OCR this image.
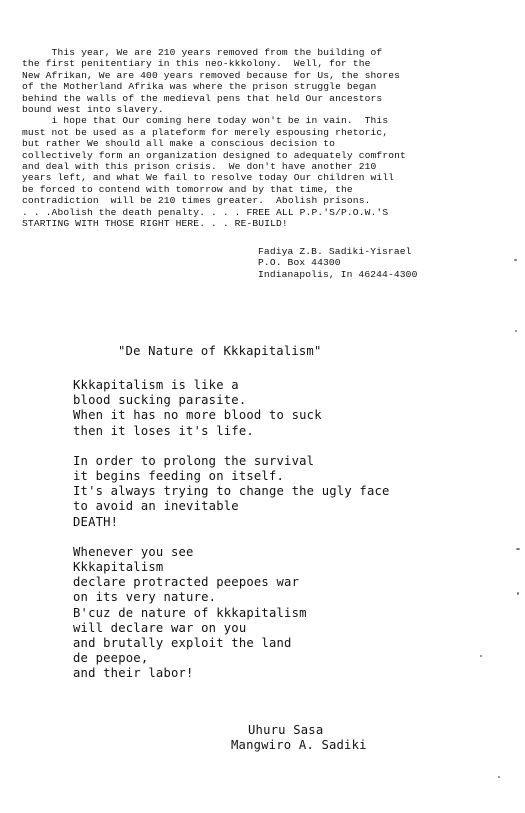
This year, We are 210 years removed from the building of
the first penitentiary in this neo-kkkolony.  Well, for the
New Afrikan, We are 400 years removed because for Us, the shores
of the Motherland Afrika was where the prison struggle began
behind the walls of the medieval pens that held Our ancestors
bound west into slavery.
i hope that Our coming here today won't be in vain.  This
must not be used as a plateform for merely espousing rhetoric,
but rather We should all make a conscious decision to
collectively form an organization designed to adequately comfront
and deal with this prison crisis.  We don't have another 210
years left, and what We fail to resolve today Our children will
be forced to contend with tomorrow and by that time, the
contradiction  will be 210 times greater.  Abolish prisons.
. . .Abolish the death penalty. . . . FREE ALL P.P.'S/P.O.W.'S
STARTING WITH THOSE RIGHT HERE. . . RE-BUILD!
Fadiya Z.B. Sadiki-Yisrael
P.O. Box 44300
Indianapolis, In 46244-4300
"De Nature of Kkkapitalism"
Kkkapitalism is like a
blood sucking parasite.
When it has no more blood to suck
then it loses it's life.
In order to prolong the survival
it begins feeding on itself.
It's always trying to change the ugly face
to avoid an inevitable
DEATH!
Whenever you see
Kkkapitalism
declare protracted peepoes war
on its very nature.
B'cuz de nature of kkkapitalism
will declare war on you
and brutally exploit the land
de peepoe,
and their labor!
Uhuru Sasa
Mangwiro A. Sadiki
